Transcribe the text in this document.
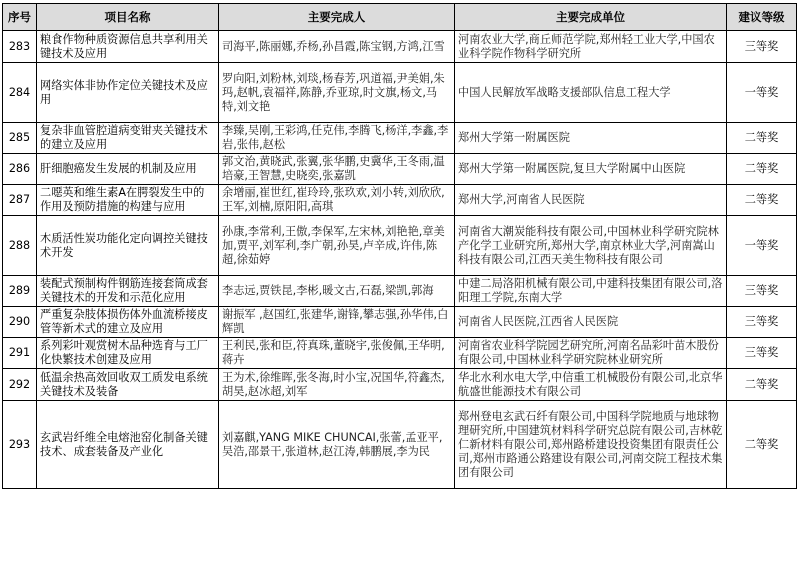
序号	项目名称	主要完成人	主要完成单位	建议等级
283	粮食作物种质资源信息共享利用关键技术及应用	司海平,陈丽娜,乔杨,孙昌霞,陈宝钢,方鸿,江雪	河南农业大学,商丘师范学院,郑州轻工业大学,中国农业科学院作物科学研究所	三等奖
284	网络实体非协作定位关键技术及应用	罗向阳,刘粉林,刘琰,杨春芳,巩道福,尹美娟,朱玛,赵帆,袁福祥,陈静,乔亚琼,时文旗,杨文,马特,刘文艳	中国人民解放军战略支援部队信息工程大学	一等奖
285	复杂非血管腔道病变钳夹关键技术的建立及应用	李臻,吴刚,王彩鸿,任克伟,李腾飞,杨洋,李鑫,李岩,张伟,赵松	郑州大学第一附属医院	二等奖
286	肝细胞癌发生发展的机制及应用	郭文治,黄晓武,张翼,张华鹏,史冀华,王冬雨,温培豪,王智慧,史晓奕,张嘉凯	郑州大学第一附属医院,复旦大学附属中山医院	二等奖
287	二噁英和维生素A在腭裂发生中的作用及预防措施的构建与应用	余增丽,崔世红,崔玲玲,张玖欢,刘小转,刘欣欣,王军,刘楠,原阳阳,高琪	郑州大学,河南省人民医院	二等奖
288	木质活性炭功能化定向调控关键技术开发	孙康,李常利,王傲,李保军,左宋林,刘艳艳,章美加,贾平,刘军利,李广朝,孙昊,卢辛成,许伟,陈超,徐茹婷	河南省大潮炭能科技有限公司,中国林业科学研究院林产化学工业研究所,郑州大学,南京林业大学,河南嵩山科技有限公司,江西天美生物科技有限公司	一等奖
289	装配式预制构件钢筋连接套筒成套关键技术的开发和示范化应用	李志远,贾铁昆,李彬,暖文古,石磊,梁凯,郭海	中建二局洛阳机械有限公司,中建科技集团有限公司,洛阳理工学院,东南大学	三等奖
290	严重复杂肢体损伤体外血流桥接皮管等新术式的建立及应用	谢振军 ,赵国红,张建华,谢锋,攀志强,孙华伟,白辉凯	河南省人民医院,江西省人民医院	三等奖
291	系列彩叶观赏树木品种选育与工厂化快繁技术创建及应用	王利民,张和臣,符真珠,董晓宇,张俊佩,王华明,蒋卉	河南省农业科学院园艺研究所,河南名品彩叶苗木股份有限公司,中国林业科学研究院林业研究所	三等奖
292	低温余热高效回收双工质发电系统关键技术及装备	王为术,徐维晖,张冬海,时小宝,况国华,符鑫杰,胡昊,赵冰超,刘军	华北水利水电大学,中信重工机械股份有限公司,北京华航盛世能源技术有限公司	二等奖
293	玄武岩纤维全电熔池窑化制备关键技术、成套装备及产业化	刘嘉麒,YANG MIKE CHUNCAI,张蕾,孟亚平,吴浩,邵景干,张道林,赵江涛,韩鹏展,李为民	郑州登电玄武石纤有限公司,中国科学院地质与地球物理研究所,中国建筑材料科学研究总院有限公司,吉林乾仁新材料有限公司,郑州路桥建设投资集团有限责任公司,郑州市路通公路建设有限公司,河南交院工程技术集团有限公司	二等奖
